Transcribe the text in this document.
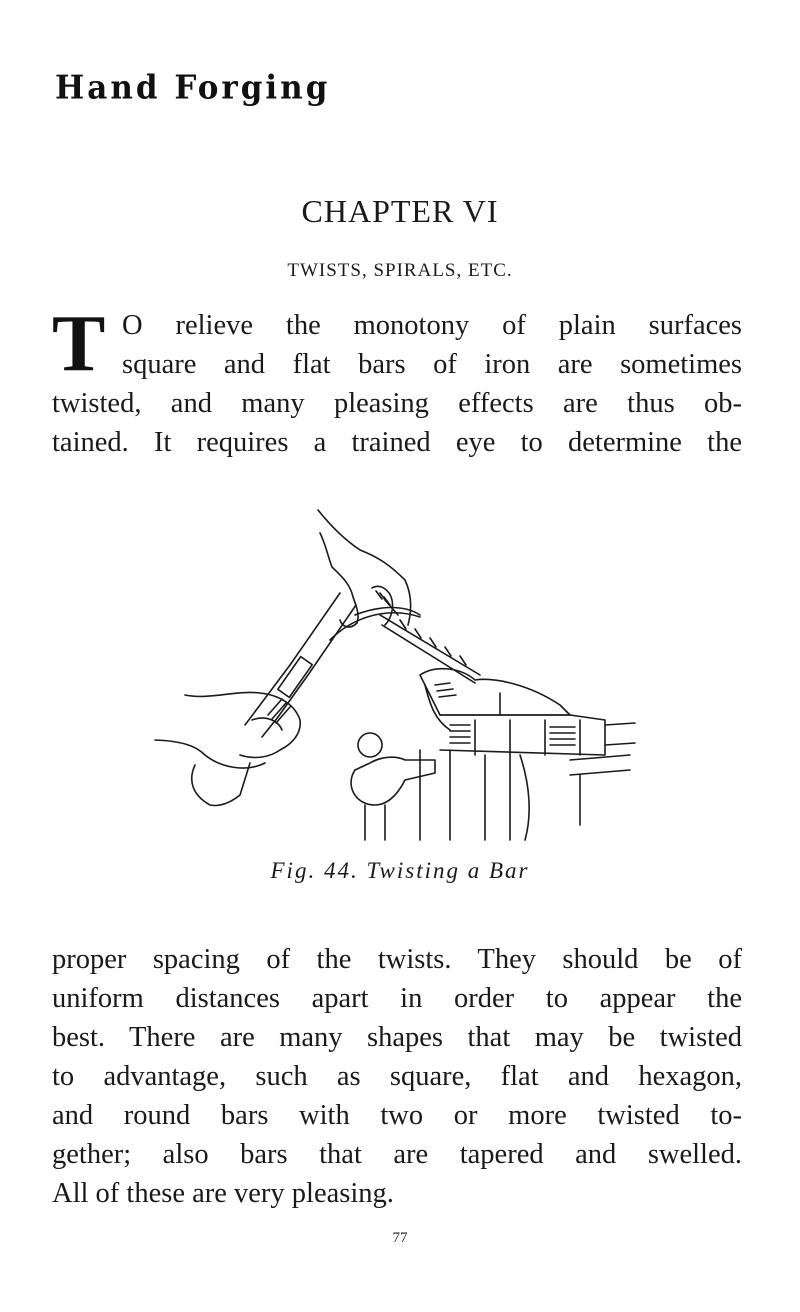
Hand Forging
CHAPTER VI
TWISTS, SPIRALS, ETC.
T O relieve the monotony of plain surfaces
square and flat bars of iron are sometimes
twisted, and many pleasing effects are thus ob-
tained. It requires a trained eye to determine the
Fig. 44. Twisting a Bar
proper spacing of the twists. They should be of
uniform distances apart in order to appear the
best. There are many shapes that may be twisted
to advantage, such as square, flat and hexagon,
and round bars with two or more twisted to-
gether; also bars that are tapered and swelled.
All of these are very pleasing.
77
